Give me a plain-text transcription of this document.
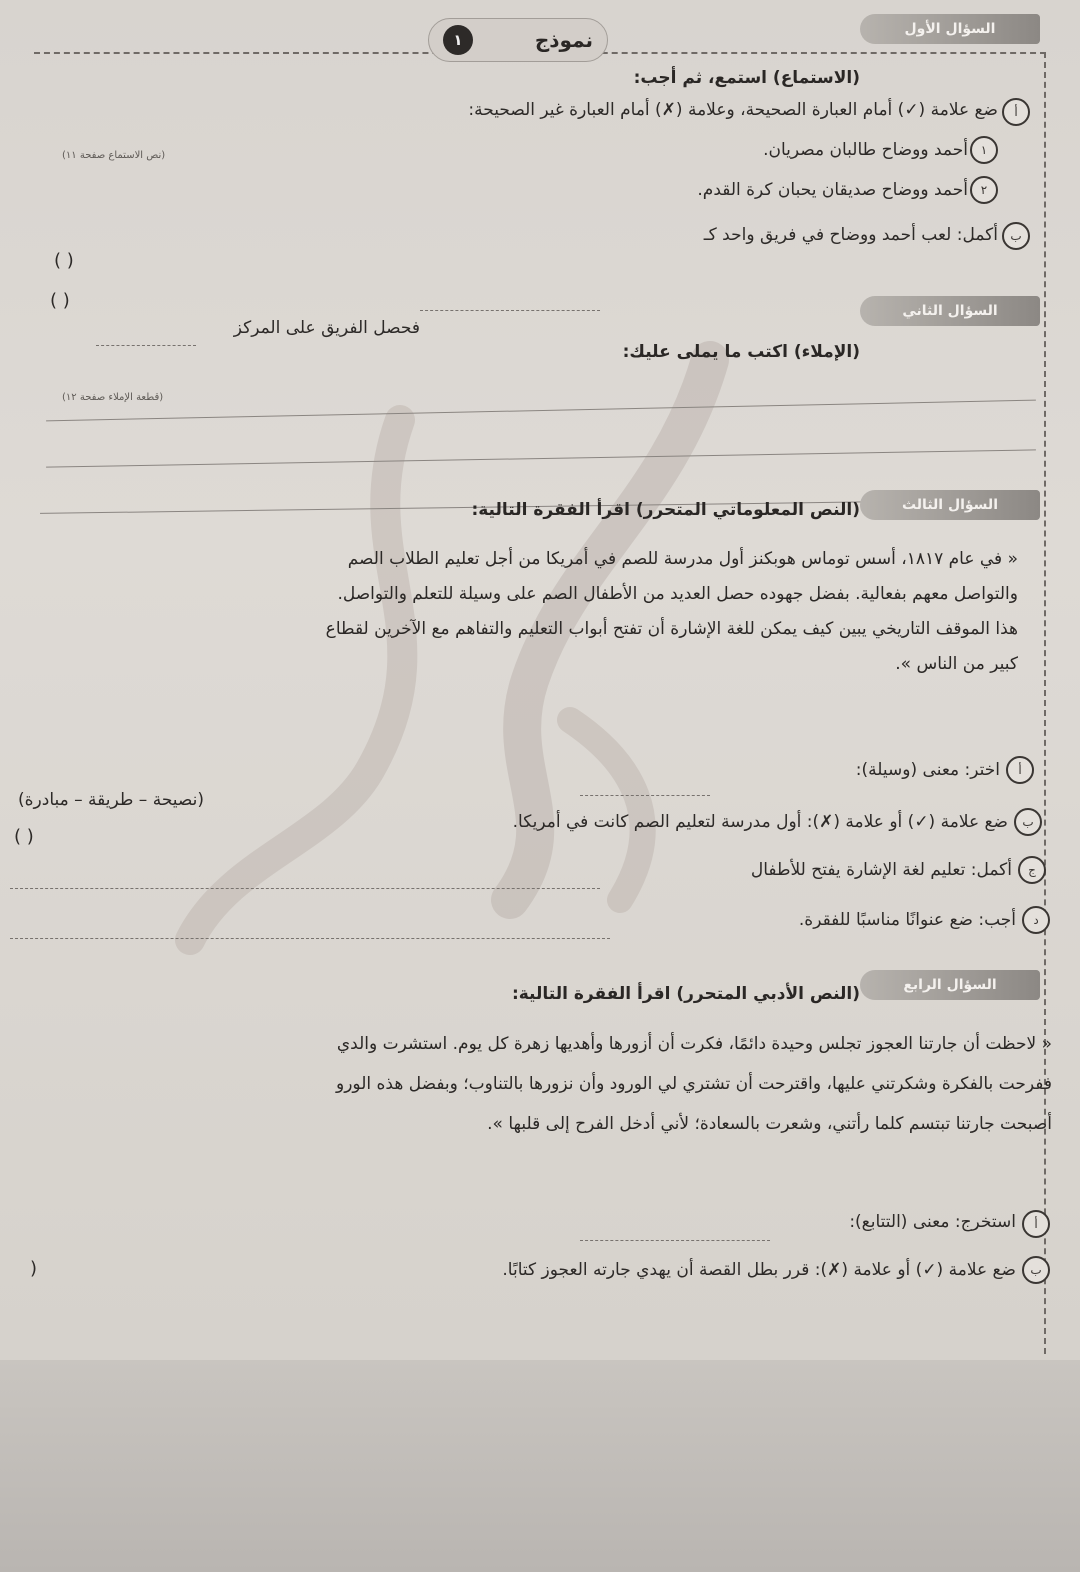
١	نموذج	السؤال الأول
(الاستماع) استمع، ثم أجب:
(نص الاستماع صفحة ١١)
أ
ضع علامة (✓) أمام العبارة الصحيحة، وعلامة (✗) أمام العبارة غير الصحيحة:
١
أحمد ووضاح طالبان مصريان.
٢
أحمد ووضاح صديقان يحبان كرة القدم.
( )
( )
ب
أكمل: لعب أحمد ووضاح في فريق واحد كـ
فحصل الفريق على المركز
السؤال الثاني
(الإملاء) اكتب ما يملى عليك:
(قطعة الإملاء صفحة ١٢)
السؤال الثالث
(النص المعلوماتي المتحرر) اقرأ الفقرة التالية:
« في عام ١٨١٧، أسس توماس هوبكنز أول مدرسة للصم في أمريكا من أجل تعليم الطلاب الصم
والتواصل معهم بفعالية. بفضل جهوده حصل العديد من الأطفال الصم على وسيلة للتعلم والتواصل.
هذا الموقف التاريخي يبين كيف يمكن للغة الإشارة أن تفتح أبواب التعليم والتفاهم مع الآخرين لقطاع
كبير من الناس ».
أ
اختر: معنى (وسيلة):
(نصيحة – طريقة – مبادرة)
ب
ضع علامة (✓) أو علامة (✗): أول مدرسة لتعليم الصم كانت في أمريكا.
( )
ج
أكمل: تعليم لغة الإشارة يفتح للأطفال
د
أجب: ضع عنوانًا مناسبًا للفقرة.
السؤال الرابع
(النص الأدبي المتحرر) اقرأ الفقرة التالية:
« لاحظت أن جارتنا العجوز تجلس وحيدة دائمًا، فكرت أن أزورها وأهديها زهرة كل يوم. استشرت والدي
ففرحت بالفكرة وشكرتني عليها، واقترحت أن تشتري لي الورود وأن نزورها بالتناوب؛ وبفضل هذه الورو
أصبحت جارتنا تبتسم كلما رأتني، وشعرت بالسعادة؛ لأني أدخل الفرح إلى قلبها ».
أ
استخرج: معنى (التتابع):
ب
ضع علامة (✓) أو علامة (✗): قرر بطل القصة أن يهدي جارته العجوز كتابًا.
)
